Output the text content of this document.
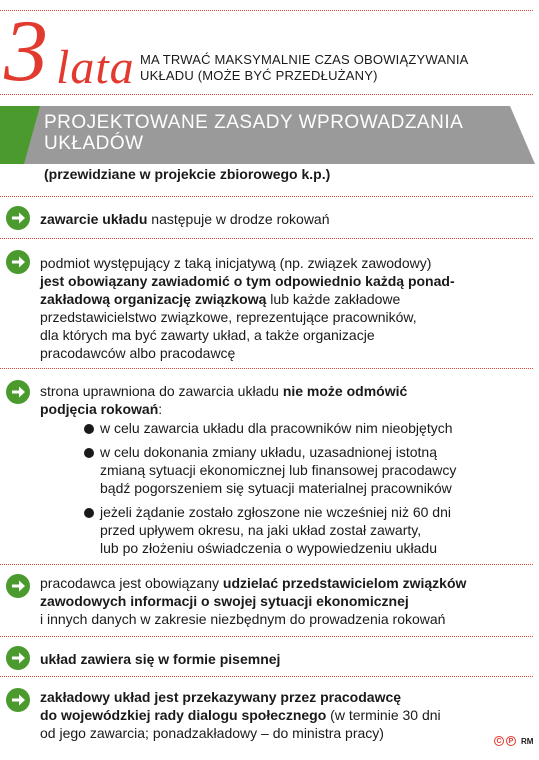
3 lata MA TRWAĆ MAKSYMALNIE CZAS OBOWIĄZYWANIA
UKŁADU (MOŻE BYĆ PRZEDŁUŻANY)
PROJEKTOWANE ZASADY WPROWADZANIA
UKŁADÓW
(przewidziane w projekcie zbiorowego k.p.)
zawarcie układu następuje w drodze rokowań
podmiot występujący z taką inicjatywą (np. związek zawodowy)
jest obowiązany zawiadomić o tym odpowiednio każdą ponad-
zakładową organizację związkową lub każde zakładowe
przedstawicielstwo związkowe, reprezentujące pracowników,
dla których ma być zawarty układ, a także organizacje
pracodawców albo pracodawcę
strona uprawniona do zawarcia układu nie może odmówić
podjęcia rokowań:
w celu zawarcia układu dla pracowników nim nieobjętych
w celu dokonania zmiany układu, uzasadnionej istotną
zmianą sytuacji ekonomicznej lub finansowej pracodawcy
bądź pogorszeniem się sytuacji materialnej pracowników
jeżeli żądanie zostało zgłoszone nie wcześniej niż 60 dni
przed upływem okresu, na jaki układ został zawarty,
lub po złożeniu oświadczenia o wypowiedzeniu układu
pracodawca jest obowiązany udzielać przedstawicielom związków
zawodowych informacji o swojej sytuacji ekonomicznej
i innych danych w zakresie niezbędnym do prowadzenia rokowań
układ zawiera się w formie pisemnej
zakładowy układ jest przekazywany przez pracodawcę
do wojewódzkiej rady dialogu społecznego (w terminie 30 dni
od jego zawarcia; ponadzakładowy – do ministra pracy)
C	P RM
